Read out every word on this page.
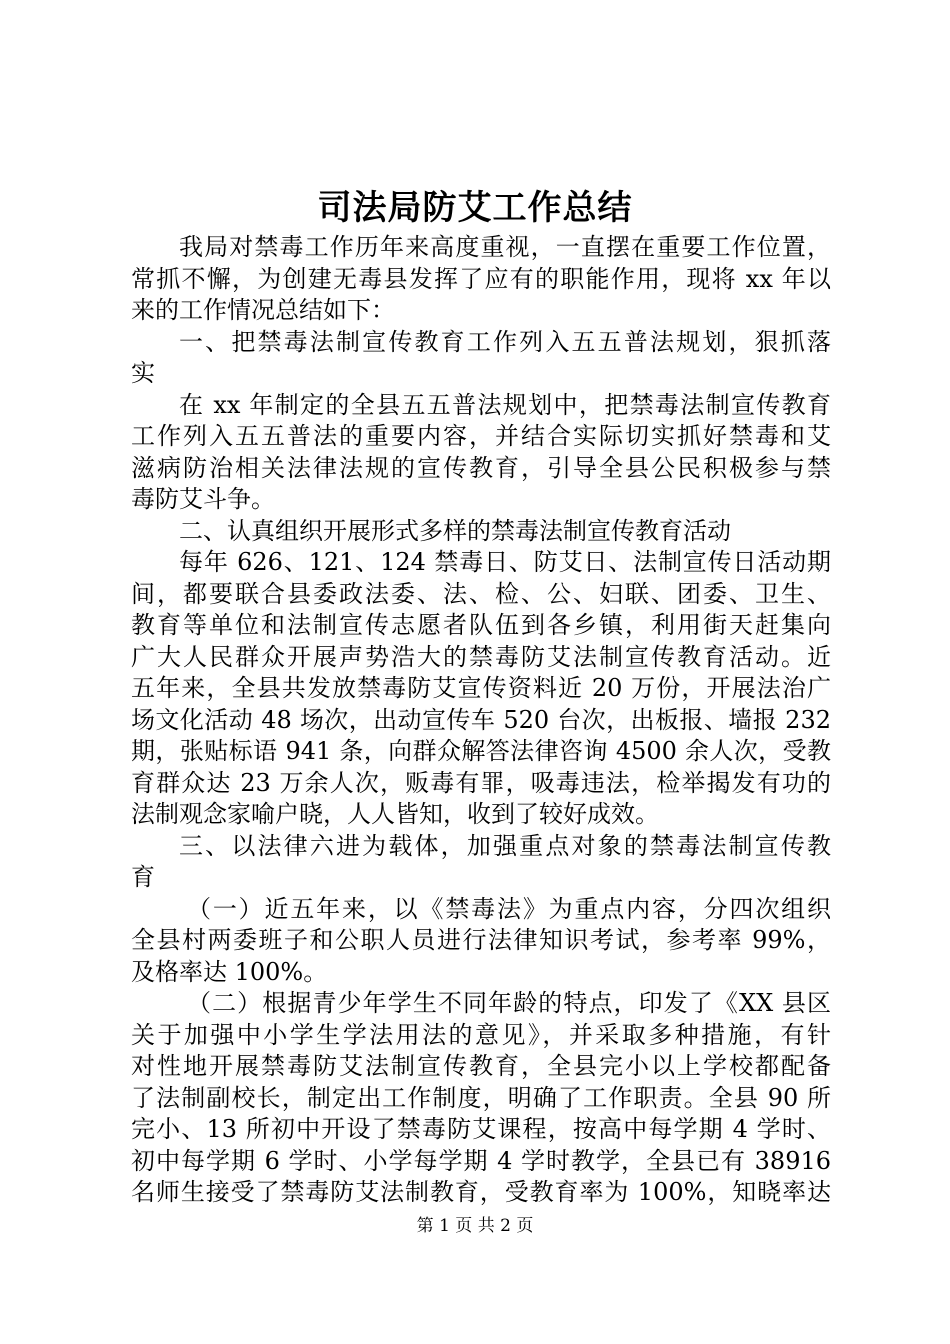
司法局防艾工作总结
我局对禁毒工作历年来高度重视，一直摆在重要工作位置，
常抓不懈，为创建无毒县发挥了应有的职能作用，现将 xx 年以
来的工作情况总结如下：
一、把禁毒法制宣传教育工作列入五五普法规划，狠抓落
实
在 xx 年制定的全县五五普法规划中，把禁毒法制宣传教育
工作列入五五普法的重要内容，并结合实际切实抓好禁毒和艾
滋病防治相关法律法规的宣传教育，引导全县公民积极参与禁
毒防艾斗争。
二、认真组织开展形式多样的禁毒法制宣传教育活动
每年 626、121、124 禁毒日、防艾日、法制宣传日活动期
间，都要联合县委政法委、法、检、公、妇联、团委、卫生、
教育等单位和法制宣传志愿者队伍到各乡镇，利用街天赶集向
广大人民群众开展声势浩大的禁毒防艾法制宣传教育活动。近
五年来，全县共发放禁毒防艾宣传资料近 20 万份，开展法治广
场文化活动 48 场次，出动宣传车 520 台次，出板报、墙报 232
期，张贴标语 941 条，向群众解答法律咨询 4500 余人次，受教
育群众达 23 万余人次，贩毒有罪，吸毒违法，检举揭发有功的
法制观念家喻户晓，人人皆知，收到了较好成效。
三、以法律六进为载体，加强重点对象的禁毒法制宣传教
育
（一）近五年来，以《禁毒法》为重点内容，分四次组织
全县村两委班子和公职人员进行法律知识考试，参考率 99%，
及格率达 100%。
（二）根据青少年学生不同年龄的特点，印发了《XX 县区
关于加强中小学生学法用法的意见》，并采取多种措施，有针
对性地开展禁毒防艾法制宣传教育，全县完小以上学校都配备
了法制副校长，制定出工作制度，明确了工作职责。全县 90 所
完小、13 所初中开设了禁毒防艾课程，按高中每学期 4 学时、
初中每学期 6 学时、小学每学期 4 学时教学，全县已有 38916
名师生接受了禁毒防艾法制教育，受教育率为 100%，知晓率达
第 1 页 共 2 页
